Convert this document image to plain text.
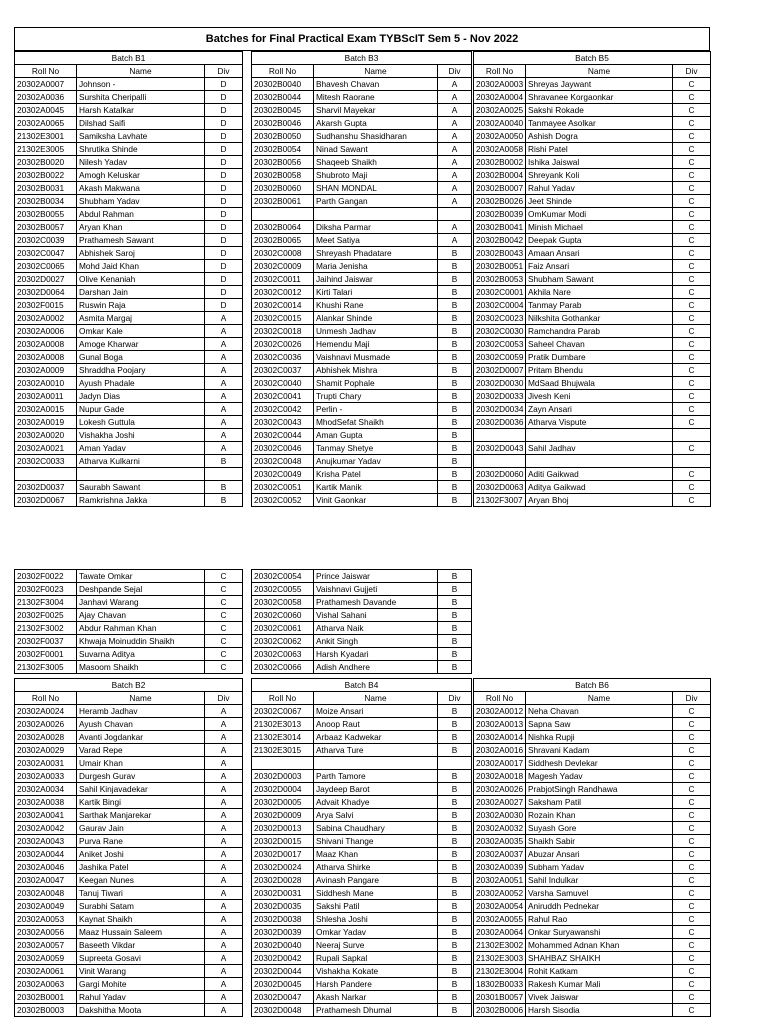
Batches for Final Practical Exam TYBScIT Sem 5 - Nov 2022
Batch B1		
Roll No	Name	Div
20302A0007	Johnson -	D
20302A0036	Surshita Cheripalli	D
20302A0045	Harsh Katalkar	D
20302A0065	Dilshad Saifi	D
21302E3001	Samiksha Lavhate	D
21302E3005	Shrutika Shinde	D
20302B0020	Nilesh Yadav	D
20302B0022	Amogh Keluskar	D
20302B0031	Akash Makwana	D
20302B0034	Shubham Yadav	D
20302B0055	Abdul Rahman	D
20302B0057	Aryan Khan	D
20302C0039	Prathamesh Sawant	D
20302C0047	Abhishek Saroj	D
20302C0065	Mohd Jaid Khan	D
20302D0027	Olive Kenaniah	D
20302D0064	Darshan Jain	D
20302F0015	Ruswin Raja	D
20302A0002	Asmita Margaj	A
20302A0006	Omkar Kale	A
20302A0008	Amoge Kharwar	A
20302A0008	Gunal Boga	A
20302A0009	Shraddha Poojary	A
20302A0010	Ayush Phadale	A
20302A0011	Jadyn Dias	A
20302A0015	Nupur Gade	A
20302A0019	Lokesh Guttula	A
20302A0020	Vishakha Joshi	A
20302A0021	Aman Yadav	A
20302C0033	Atharva Kulkarni	B

20302D0037	Saurabh Sawant	B
20302D0067	Ramkrishna Jakka	B
Batch B3		
Roll No	Name	Div
20302B0040	Bhavesh Chavan	A
20302B0044	Mitesh Raorane	A
20302B0045	Sharvil Mayekar	A
20302B0046	Akarsh Gupta	A
20302B0050	Sudhanshu Shasidharan	A
20302B0054	Ninad Sawant	A
20302B0056	Shaqeeb Shaikh	A
20302B0058	Shubroto Maji	A
20302B0060	SHAN MONDAL	A
20302B0061	Parth Gangan	A

20302B0064	Diksha Parmar	A
20302B0065	Meet Satiya	A
20302C0008	Shreyash Phadatare	B
20302C0009	Maria Jenisha	B
20302C0011	Jaihind Jaiswar	B
20302C0012	Kirti Talari	B
20302C0014	Khushi Rane	B
20302C0015	Alankar Shinde	B
20302C0018	Unmesh Jadhav	B
20302C0026	Hemendu Maji	B
20302C0036	Vaishnavi Musmade	B
20302C0037	Abhishek Mishra	B
20302C0040	Shamit Pophale	B
20302C0041	Trupti Chary	B
20302C0042	Perlin -	B
20302C0043	MhodSefat Shaikh	B
20302C0044	Aman Gupta	B
20302C0046	Tanmay Shetye	B
20302C0048	Anujkumar Yadav	B
20302C0049	Krisha Patel	B
20302C0051	Kartik Manik	B
20302C0052	Vinit Gaonkar	B
Batch B5		
Roll No	Name	Div
20302A0003	Shreyas Jaywant	C
20302A0004	Shravanee Korgaonkar	C
20302A0025	Sakshi Rokade	C
20302A0040	Tanmayee Asolkar	C
20302A0050	Ashish Dogra	C
20302A0058	Rishi Patel	C
20302B0002	Ishika Jaiswal	C
20302B0004	Shreyank Koli	C
20302B0007	Rahul Yadav	C
20302B0026	Jeet Shinde	C
20302B0039	OmKumar Modi	C
20302B0041	Minish Michael	C
20302B0042	Deepak Gupta	C
20302B0043	Amaan Ansari	C
20302B0051	Faiz Ansari	C
20302B0053	Shubham Sawant	C
20302C0001	Akhila Nare	C
20302C0004	Tanmay Parab	C
20302C0023	Nilkshita Gothankar	C
20302C0030	Ramchandra Parab	C
20302C0053	Saheel Chavan	C
20302C0059	Pratik Dumbare	C
20302D0007	Pritam Bhendu	C
20302D0030	MdSaad Bhujwala	C
20302D0033	Jivesh Keni	C
20302D0034	Zayn Ansari	C
20302D0036	Atharva Vispute	C

20302D0043	Sahil Jadhav	C

20302D0060	Aditi Gaikwad	C
20302D0063	Aditya Gaikwad	C
21302F3007	Aryan Bhoj	C
20302F0022	Tawate Omkar	C
20302F0023	Deshpande Sejal	C
21302F3004	Janhavi Warang	C
20302F0025	Ajay Chavan	C
21302F3002	Abdur Rahman Khan	C
20302F0037	Khwaja Moinuddin Shaikh	C
20302F0001	Suvarna Aditya	C
21302F3005	Masoom Shaikh	C
20302C0054	Prince Jaiswar	B
20302C0055	Vaishnavi Gujjeti	B
20302C0058	Prathamesh Davande	B
20302C0060	Vishal Sahani	B
20302C0061	Atharva Naik	B
20302C0062	Ankit Singh	B
20302C0063	Harsh Kyadari	B
20302C0066	Adish Andhere	B
Batch B2		
Roll No	Name	Div
20302A0024	Heramb Jadhav	A
20302A0026	Ayush Chavan	A
20302A0028	Avanti Jogdankar	A
20302A0029	Varad Repe	A
20302A0031	Umair Khan	A
20302A0033	Durgesh Gurav	A
20302A0034	Sahil Kinjavadekar	A
20302A0038	Kartik Bingi	A
20302A0041	Sarthak Manjarekar	A
20302A0042	Gaurav Jain	A
20302A0043	Purva Rane	A
20302A0044	Aniket Joshi	A
20302A0046	Jashika Patel	A
20302A0047	Keegan Nunes	A
20302A0048	Tanuj Tiwari	A
20302A0049	Surabhi Satam	A
20302A0053	Kaynat Shaikh	A
20302A0056	Maaz Hussain Saleem	A
20302A0057	Baseeth Vikdar	A
20302A0059	Supreeta Gosavi	A
20302A0061	Vinit Warang	A
20302A0063	Gargi Mohite	A
20302B0001	Rahul Yadav	A
20302B0003	Dakshitha Moota	A
Batch B4		
Roll No	Name	Div
20302C0067	Moize Ansari	B
21302E3013	Anoop Raut	B
21302E3014	Arbaaz Kadwekar	B
21302E3015	Atharva Ture	B

20302D0003	Parth Tamore	B
20302D0004	Jaydeep Barot	B
20302D0005	Advait Khadye	B
20302D0009	Arya Salvi	B
20302D0013	Sabina Chaudhary	B
20302D0015	Shivani Thange	B
20302D0017	Maaz Khan	B
20302D0024	Atharva Shirke	B
20302D0028	Avinash Pangare	B
20302D0031	Siddhesh Mane	B
20302D0035	Sakshi Patil	B
20302D0038	Shlesha Joshi	B
20302D0039	Omkar Yadav	B
20302D0040	Neeraj Surve	B
20302D0042	Rupali Sapkal	B
20302D0044	Vishakha Kokate	B
20302D0045	Harsh Pandere	B
20302D0047	Akash Narkar	B
20302D0048	Prathamesh Dhumal	B
Batch B6		
Roll No	Name	Div
20302A0012	Neha Chavan	C
20302A0013	Sapna Saw	C
20302A0014	Nishka Rupji	C
20302A0016	Shravani Kadam	C
20302A0017	Siddhesh Devlekar	C
20302A0018	Magesh Yadav	C
20302A0026	PrabjotSingh Randhawa	C
20302A0027	Saksham Patil	C
20302A0030	Rozain Khan	C
20302A0032	Suyash Gore	C
20302A0035	Shaikh Sabir	C
20302A0037	Abuzar Ansari	C
20302A0039	Subham Yadav	C
20302A0051	Sahil Indulkar	C
20302A0052	Varsha Samuvel	C
20302A0054	Aniruddh Pednekar	C
20302A0055	Rahul Rao	C
20302A0064	Onkar Suryawanshi	C
21302E3002	Mohammed Adnan Khan	C
21302E3003	SHAHBAZ SHAIKH	C
21302E3004	Rohit Katkam	C
18302B0033	Rakesh Kumar Mali	C
20301B0057	Vivek Jaiswar	C
20302B0006	Harsh Sisodia	C
